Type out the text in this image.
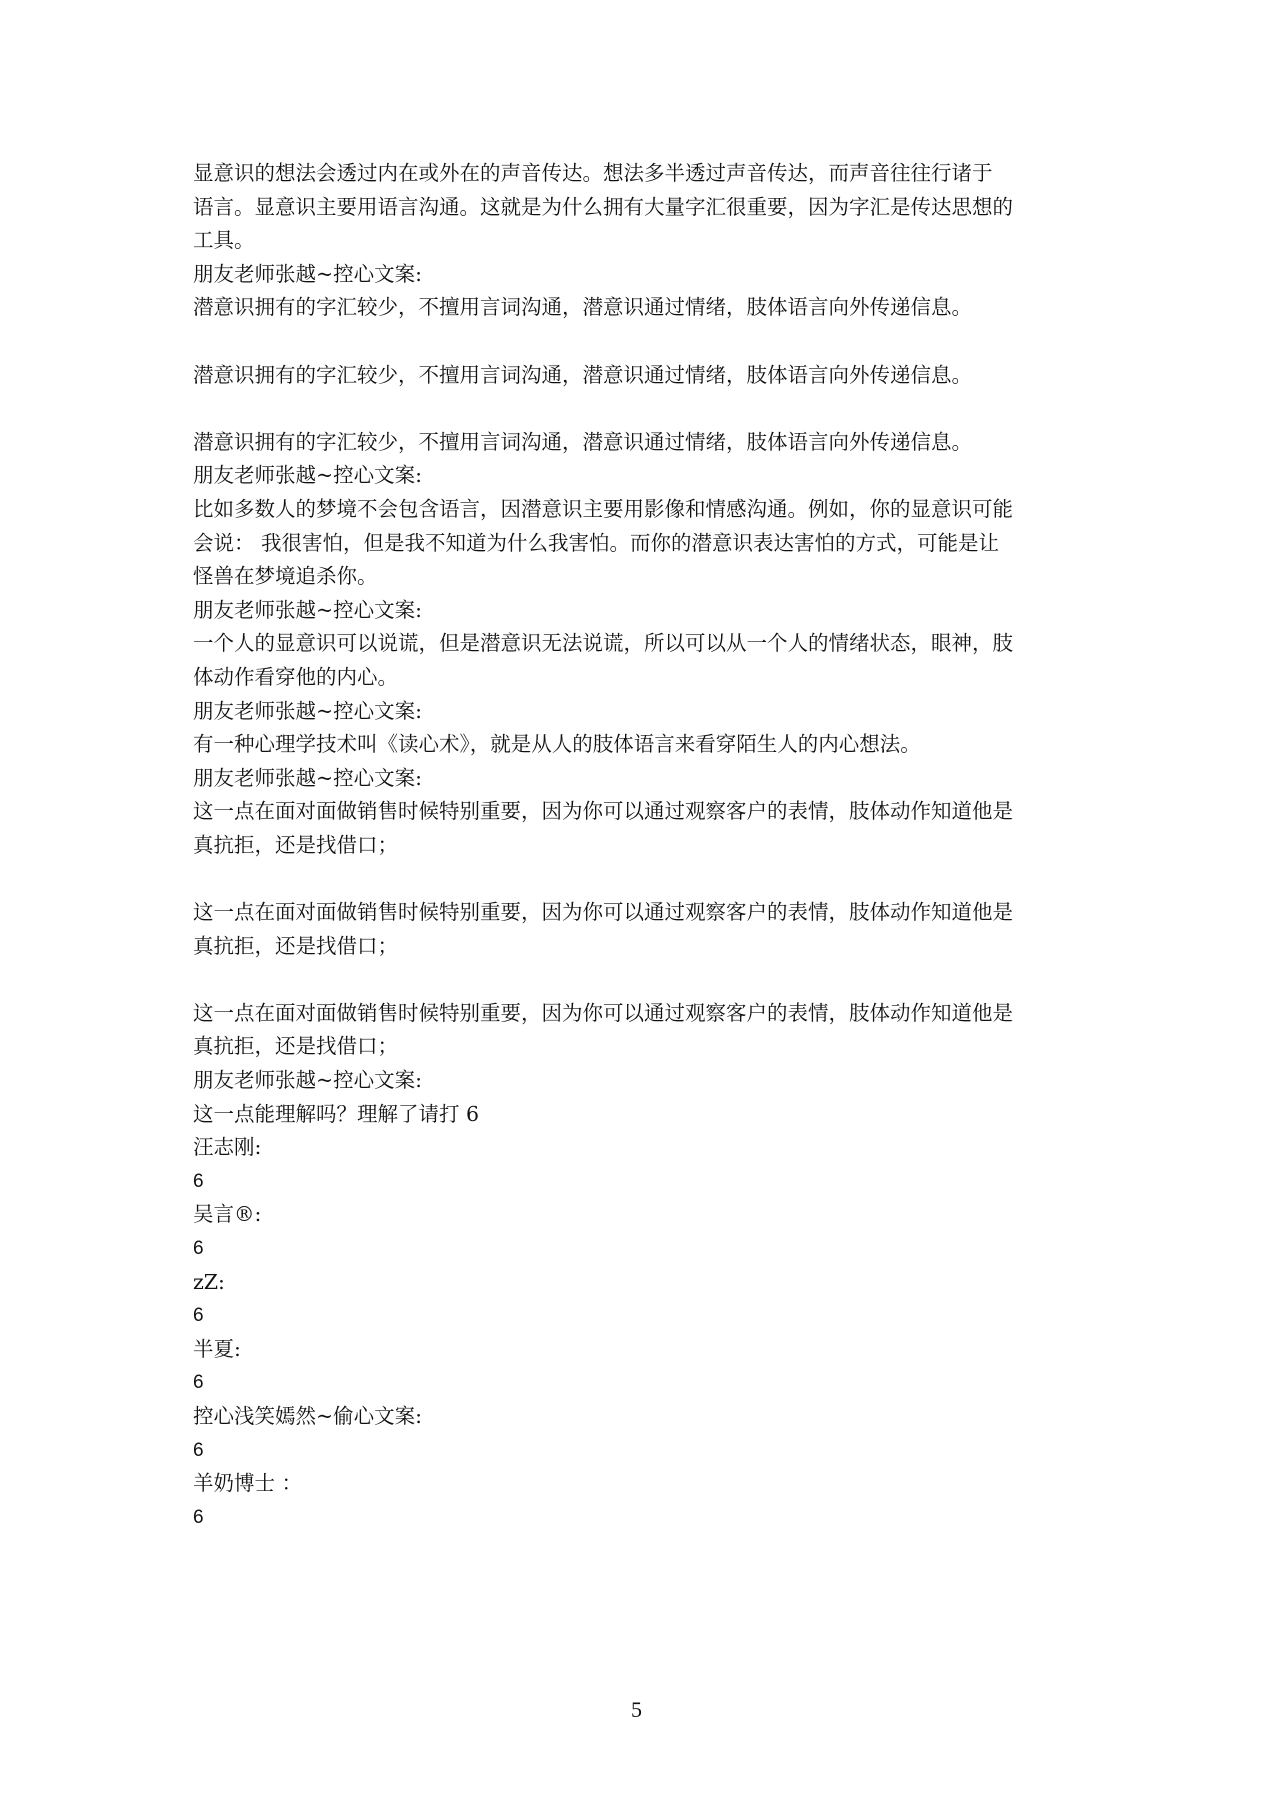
显意识的想法会透过内在或外在的声音传达。想法多半透过声音传达，而声音往往行诸于
语言。显意识主要用语言沟通。这就是为什么拥有大量字汇很重要，因为字汇是传达思想的
工具。
朋友老师张越~控心文案:
潜意识拥有的字汇较少，不擅用言词沟通，潜意识通过情绪，肢体语言向外传递信息。
潜意识拥有的字汇较少，不擅用言词沟通，潜意识通过情绪，肢体语言向外传递信息。
潜意识拥有的字汇较少，不擅用言词沟通，潜意识通过情绪，肢体语言向外传递信息。
朋友老师张越~控心文案:
比如多数人的梦境不会包含语言，因潜意识主要用影像和情感沟通。例如，你的显意识可能
会说： 我很害怕，但是我不知道为什么我害怕。而你的潜意识表达害怕的方式，可能是让
怪兽在梦境追杀你。
朋友老师张越~控心文案:
一个人的显意识可以说谎，但是潜意识无法说谎，所以可以从一个人的情绪状态，眼神，肢
体动作看穿他的内心。
朋友老师张越~控心文案:
有一种心理学技术叫《读心术》，就是从人的肢体语言来看穿陌生人的内心想法。
朋友老师张越~控心文案:
这一点在面对面做销售时候特别重要，因为你可以通过观察客户的表情，肢体动作知道他是
真抗拒，还是找借口；
这一点在面对面做销售时候特别重要，因为你可以通过观察客户的表情，肢体动作知道他是
真抗拒，还是找借口；
这一点在面对面做销售时候特别重要，因为你可以通过观察客户的表情，肢体动作知道他是
真抗拒，还是找借口；
朋友老师张越~控心文案:
这一点能理解吗？理解了请打 6
汪志刚:
6
吴言®:
6
zZ:
6
半夏:
6
控心浅笑嫣然~偷心文案:
6
羊奶博士 ：
6
5
